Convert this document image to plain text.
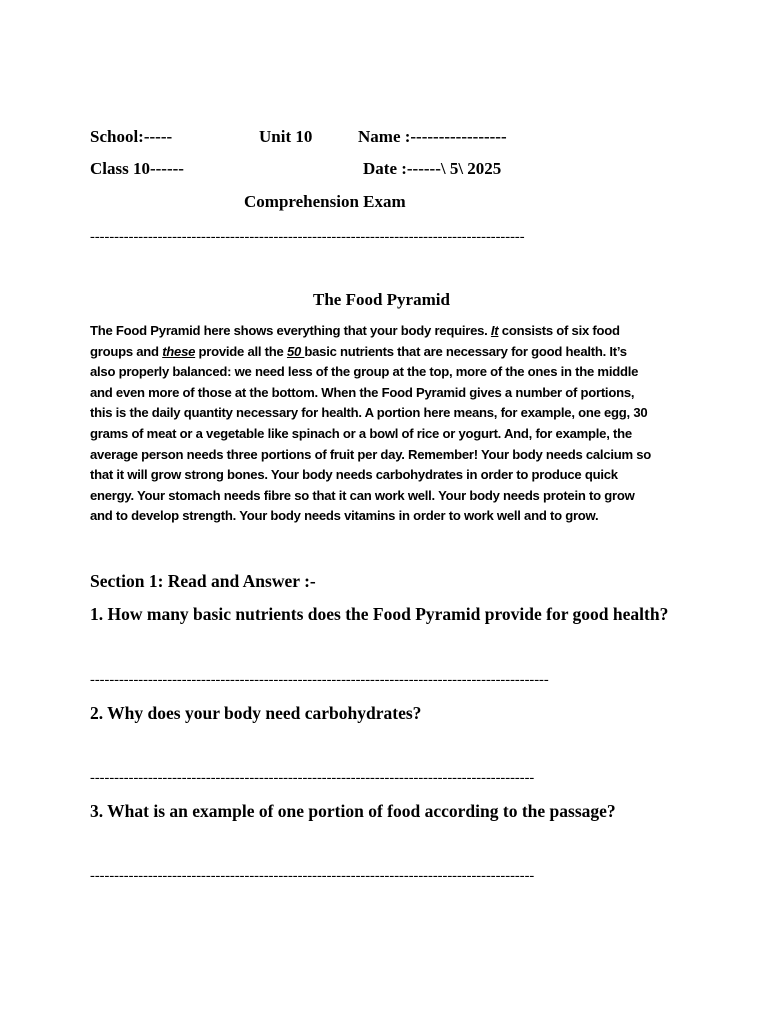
School:-----	Unit 10	Name :-----------------
Class 10------	Date :------\ 5\ 2025
Comprehension Exam
------------------------------------------------------------------------------------------
The Food Pyramid
The Food Pyramid here shows everything that your body requires. It consists of six food
groups and these provide all the 50 basic nutrients that are necessary for good health. It’s
also properly balanced: we need less of the group at the top, more of the ones in the middle
and even more of those at the bottom. When the Food Pyramid gives a number of portions,
this is the daily quantity necessary for health. A portion here means, for example, one egg, 30
grams of meat or a vegetable like spinach or a bowl of rice or yogurt. And, for example, the
average person needs three portions of fruit per day. Remember! Your body needs calcium so
that it will grow strong bones. Your body needs carbohydrates in order to produce quick
energy. Your stomach needs fibre so that it can work well. Your body needs protein to grow
and to develop strength. Your body needs vitamins in order to work well and to grow.
Section 1: Read and Answer :-
1. How many basic nutrients does the Food Pyramid provide for good health?
-----------------------------------------------------------------------------------------------
2. Why does your body need carbohydrates?
--------------------------------------------------------------------------------------------
3. What is an example of one portion of food according to the passage?
--------------------------------------------------------------------------------------------
